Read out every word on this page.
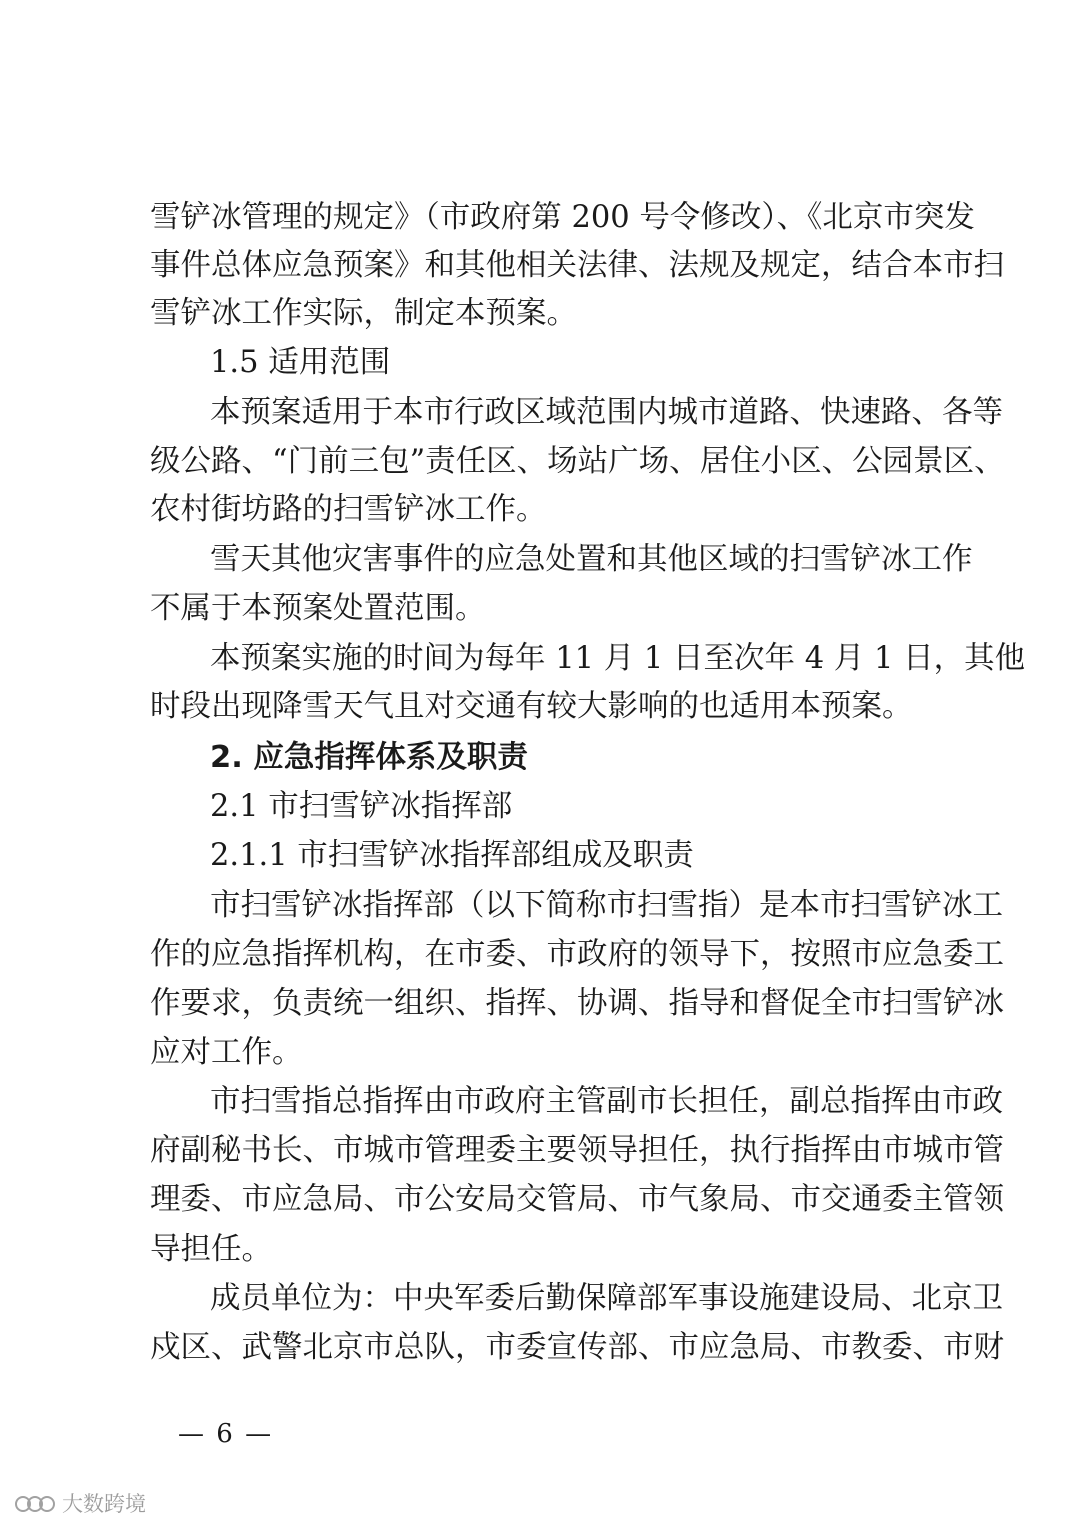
雪铲冰管理的规定》（市政府第 200 号令修改）、《北京市突发
事件总体应急预案》和其他相关法律、法规及规定，结合本市扫
雪铲冰工作实际，制定本预案。
1.5 适用范围
本预案适用于本市行政区域范围内城市道路、快速路、各等
级公路、“门前三包”责任区、场站广场、居住小区、公园景区、
农村街坊路的扫雪铲冰工作。
雪天其他灾害事件的应急处置和其他区域的扫雪铲冰工作
不属于本预案处置范围。
本预案实施的时间为每年 11 月 1 日至次年 4 月 1 日，其他
时段出现降雪天气且对交通有较大影响的也适用本预案。
2. 应急指挥体系及职责
2.1 市扫雪铲冰指挥部
2.1.1 市扫雪铲冰指挥部组成及职责
市扫雪铲冰指挥部（以下简称市扫雪指）是本市扫雪铲冰工
作的应急指挥机构，在市委、市政府的领导下，按照市应急委工
作要求，负责统一组织、指挥、协调、指导和督促全市扫雪铲冰
应对工作。
市扫雪指总指挥由市政府主管副市长担任，副总指挥由市政
府副秘书长、市城市管理委主要领导担任，执行指挥由市城市管
理委、市应急局、市公安局交管局、市气象局、市交通委主管领
导担任。
成员单位为：中央军委后勤保障部军事设施建设局、北京卫
戍区、武警北京市总队，市委宣传部、市应急局、市教委、市财
— 6 —
大数跨境
